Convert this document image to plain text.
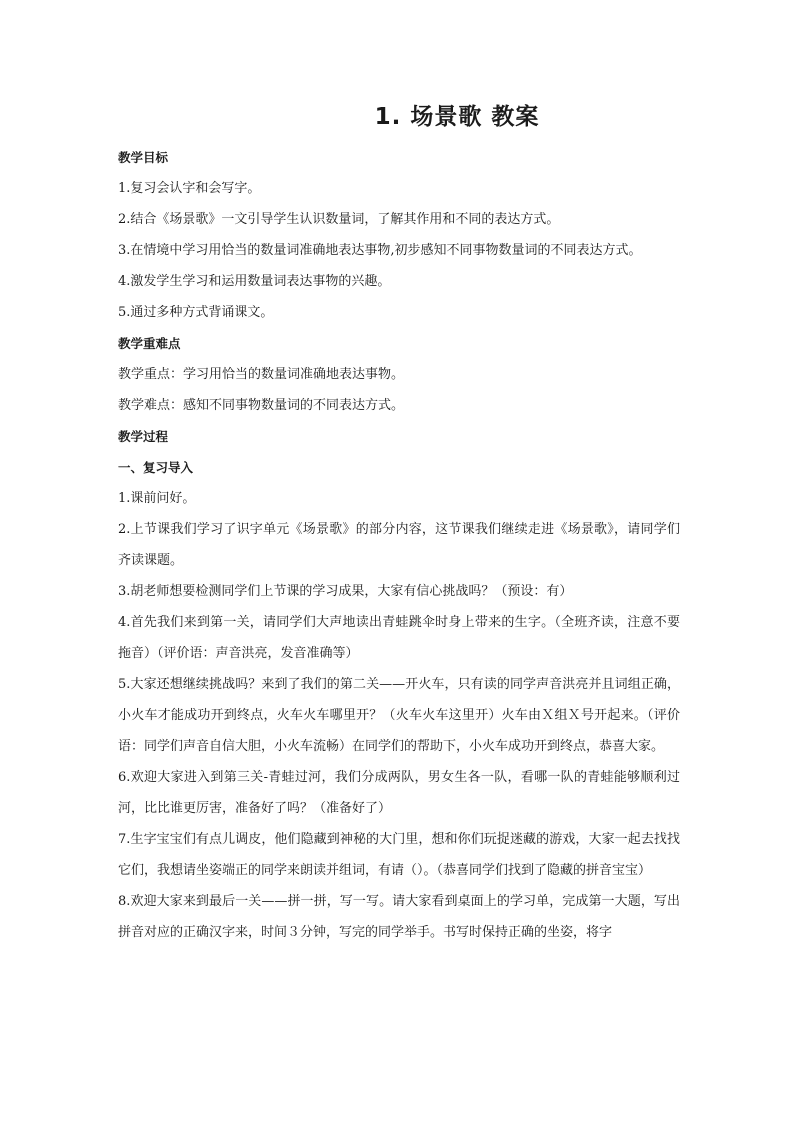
1. 场景歌 教案

教学目标

1.复习会认字和会写字。

2.结合《场景歌》一文引导学生认识数量词，了解其作用和不同的表达方式。

3.在情境中学习用恰当的数量词准确地表达事物,初步感知不同事物数量词的不同表达方式。

4.激发学生学习和运用数量词表达事物的兴趣。

5.通过多种方式背诵课文。

教学重难点

教学重点：学习用恰当的数量词准确地表达事物。

教学难点：感知不同事物数量词的不同表达方式。

教学过程

一、复习导入

1.课前问好。

2.上节课我们学习了识字单元《场景歌》的部分内容，这节课我们继续走进《场景歌》，请同学们齐读课题。

3.胡老师想要检测同学们上节课的学习成果，大家有信心挑战吗？（预设：有）

4.首先我们来到第一关，请同学们大声地读出青蛙跳伞时身上带来的生字。（全班齐读，注意不要拖音）（评价语：声音洪亮，发音准确等）

5.大家还想继续挑战吗？来到了我们的第二关——开火车，只有读的同学声音洪亮并且词组正确，小火车才能成功开到终点，火车火车哪里开？（火车火车这里开）火车由Ｘ组Ｘ号开起来。（评价语：同学们声音自信大胆，小火车流畅）在同学们的帮助下，小火车成功开到终点，恭喜大家。

6.欢迎大家进入到第三关-青蛙过河，我们分成两队，男女生各一队，看哪一队的青蛙能够顺利过河，比比谁更厉害，准备好了吗？（准备好了）

7.生字宝宝们有点儿调皮，他们隐藏到神秘的大门里，想和你们玩捉迷藏的游戏，大家一起去找找它们，我想请坐姿端正的同学来朗读并组词，有请（）。（恭喜同学们找到了隐藏的拼音宝宝）

8.欢迎大家来到最后一关——拼一拼，写一写。请大家看到桌面上的学习单，完成第一大题，写出拼音对应的正确汉字来，时间３分钟，写完的同学举手。书写时保持正确的坐姿，将字
